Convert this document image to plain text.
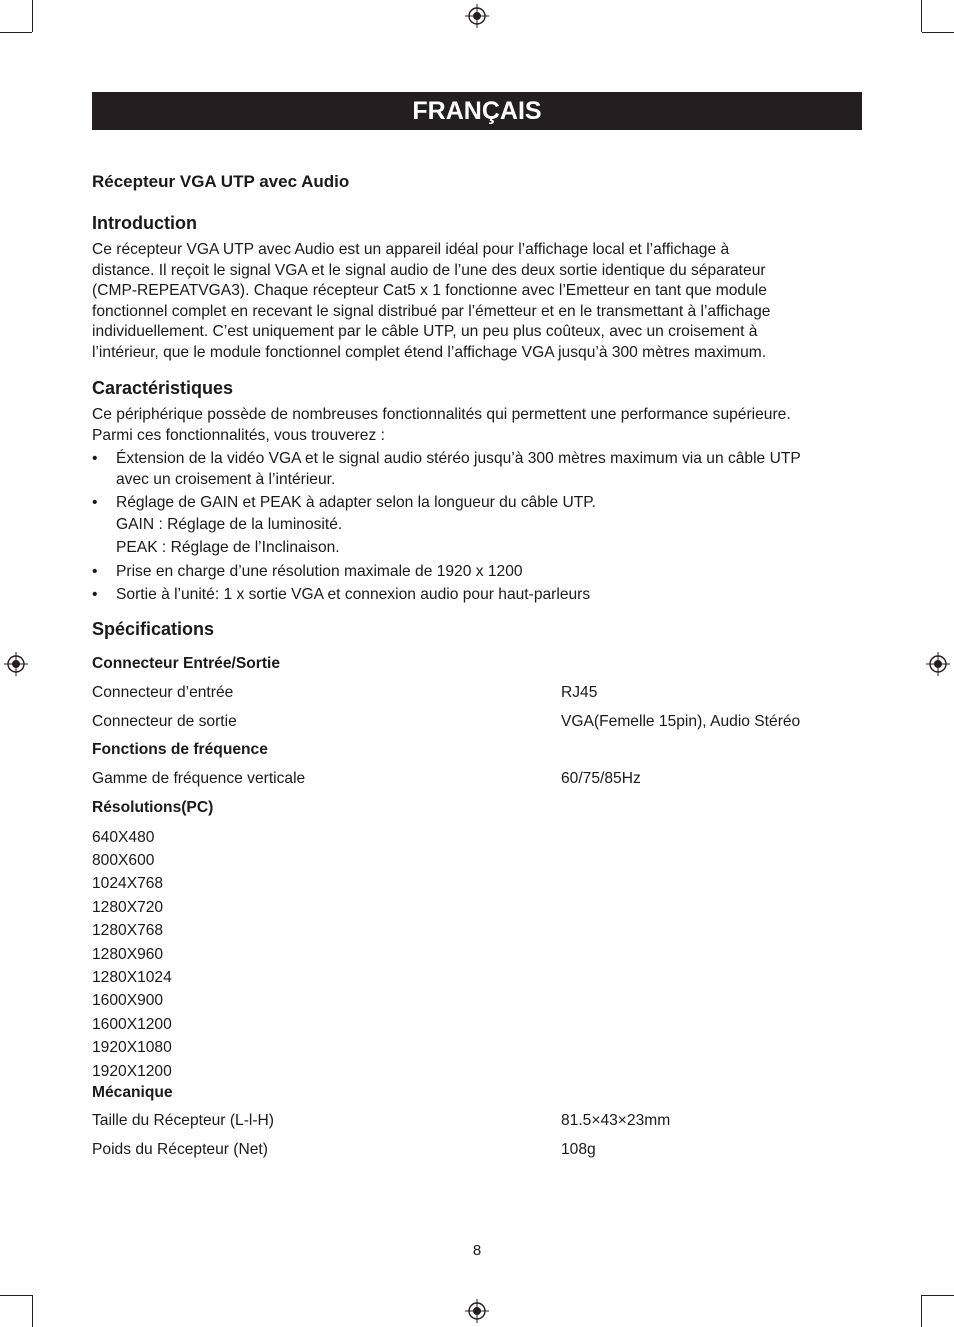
FRANÇAIS
Récepteur VGA UTP avec Audio
Introduction
Ce récepteur VGA UTP avec Audio est un appareil idéal pour l’affichage local et l’affichage à
distance. Il reçoit le signal VGA et le signal audio de l’une des deux sortie identique du séparateur
(CMP-REPEATVGA3). Chaque récepteur Cat5 x 1 fonctionne avec l’Emetteur en tant que module
fonctionnel complet en recevant le signal distribué par l’émetteur et en le transmettant à l’affichage
individuellement. C’est uniquement par le câble UTP, un peu plus coûteux, avec un croisement à
l’intérieur, que le module fonctionnel complet étend l’affichage VGA jusqu’à 300 mètres maximum.
Caractéristiques
Ce périphérique possède de nombreuses fonctionnalités qui permettent une performance supérieure.
Parmi ces fonctionnalités, vous trouverez :
• Éxtension de la vidéo VGA et le signal audio stéréo jusqu’à 300 mètres maximum via un câble UTP
avec un croisement à l’intérieur.
• Réglage de GAIN et PEAK à adapter selon la longueur du câble UTP.
GAIN : Réglage de la luminosité.
PEAK : Réglage de l’Inclinaison.
• Prise en charge d’une résolution maximale de 1920 x 1200
• Sortie à l’unité: 1 x sortie VGA et connexion audio pour haut-parleurs
Spécifications
Connecteur Entrée/Sortie
Connecteur d’entrée	RJ45
Connecteur de sortie	VGA(Femelle 15pin), Audio Stéréo
Fonctions de fréquence
Gamme de fréquence verticale	60/75/85Hz
Résolutions(PC)
640X480
800X600
1024X768
1280X720
1280X768
1280X960
1280X1024
1600X900
1600X1200
1920X1080
1920X1200
Mécanique
Taille du Récepteur (L-l-H)	81.5×43×23mm
Poids du Récepteur (Net)	108g
8
